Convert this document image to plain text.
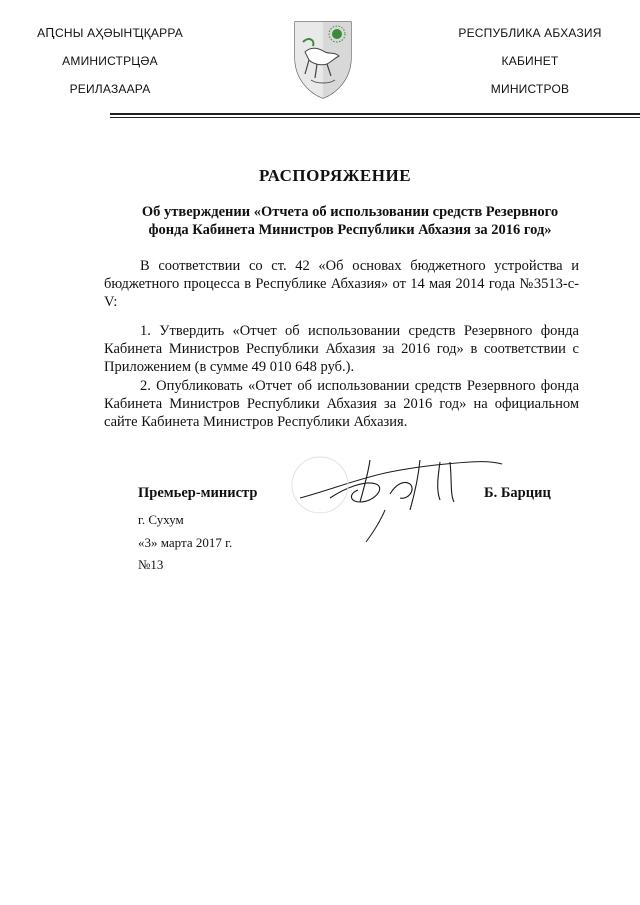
АԤСНЫ АҲӘЫНҴҚАРРА
АМИНИСТРЦӘА
РЕИЛАЗААРА
РЕСПУБЛИКА АБХАЗИЯ
КАБИНЕТ
МИНИСТРОВ
РАСПОРЯЖЕНИЕ
Об утверждении «Отчета об использовании средств Резервного фонда Кабинета Министров Республики Абхазия за 2016 год»
В соответствии со ст. 42 «Об основах бюджетного устройства и бюджетного процесса в Республике Абхазия» от 14 мая 2014 года №3513-с-V:
1. Утвердить «Отчет об использовании средств Резервного фонда Кабинета Министров Республики Абхазия за 2016 год» в соответствии с Приложением (в сумме 49 010 648 руб.).
2. Опубликовать «Отчет об использовании средств Резервного фонда Кабинета Министров Республики Абхазия за 2016 год» на официальном сайте Кабинета Министров Республики Абхазия.
Премьер-министр	Б. Барциц
г. Сухум
«3» марта 2017 г.
№13
